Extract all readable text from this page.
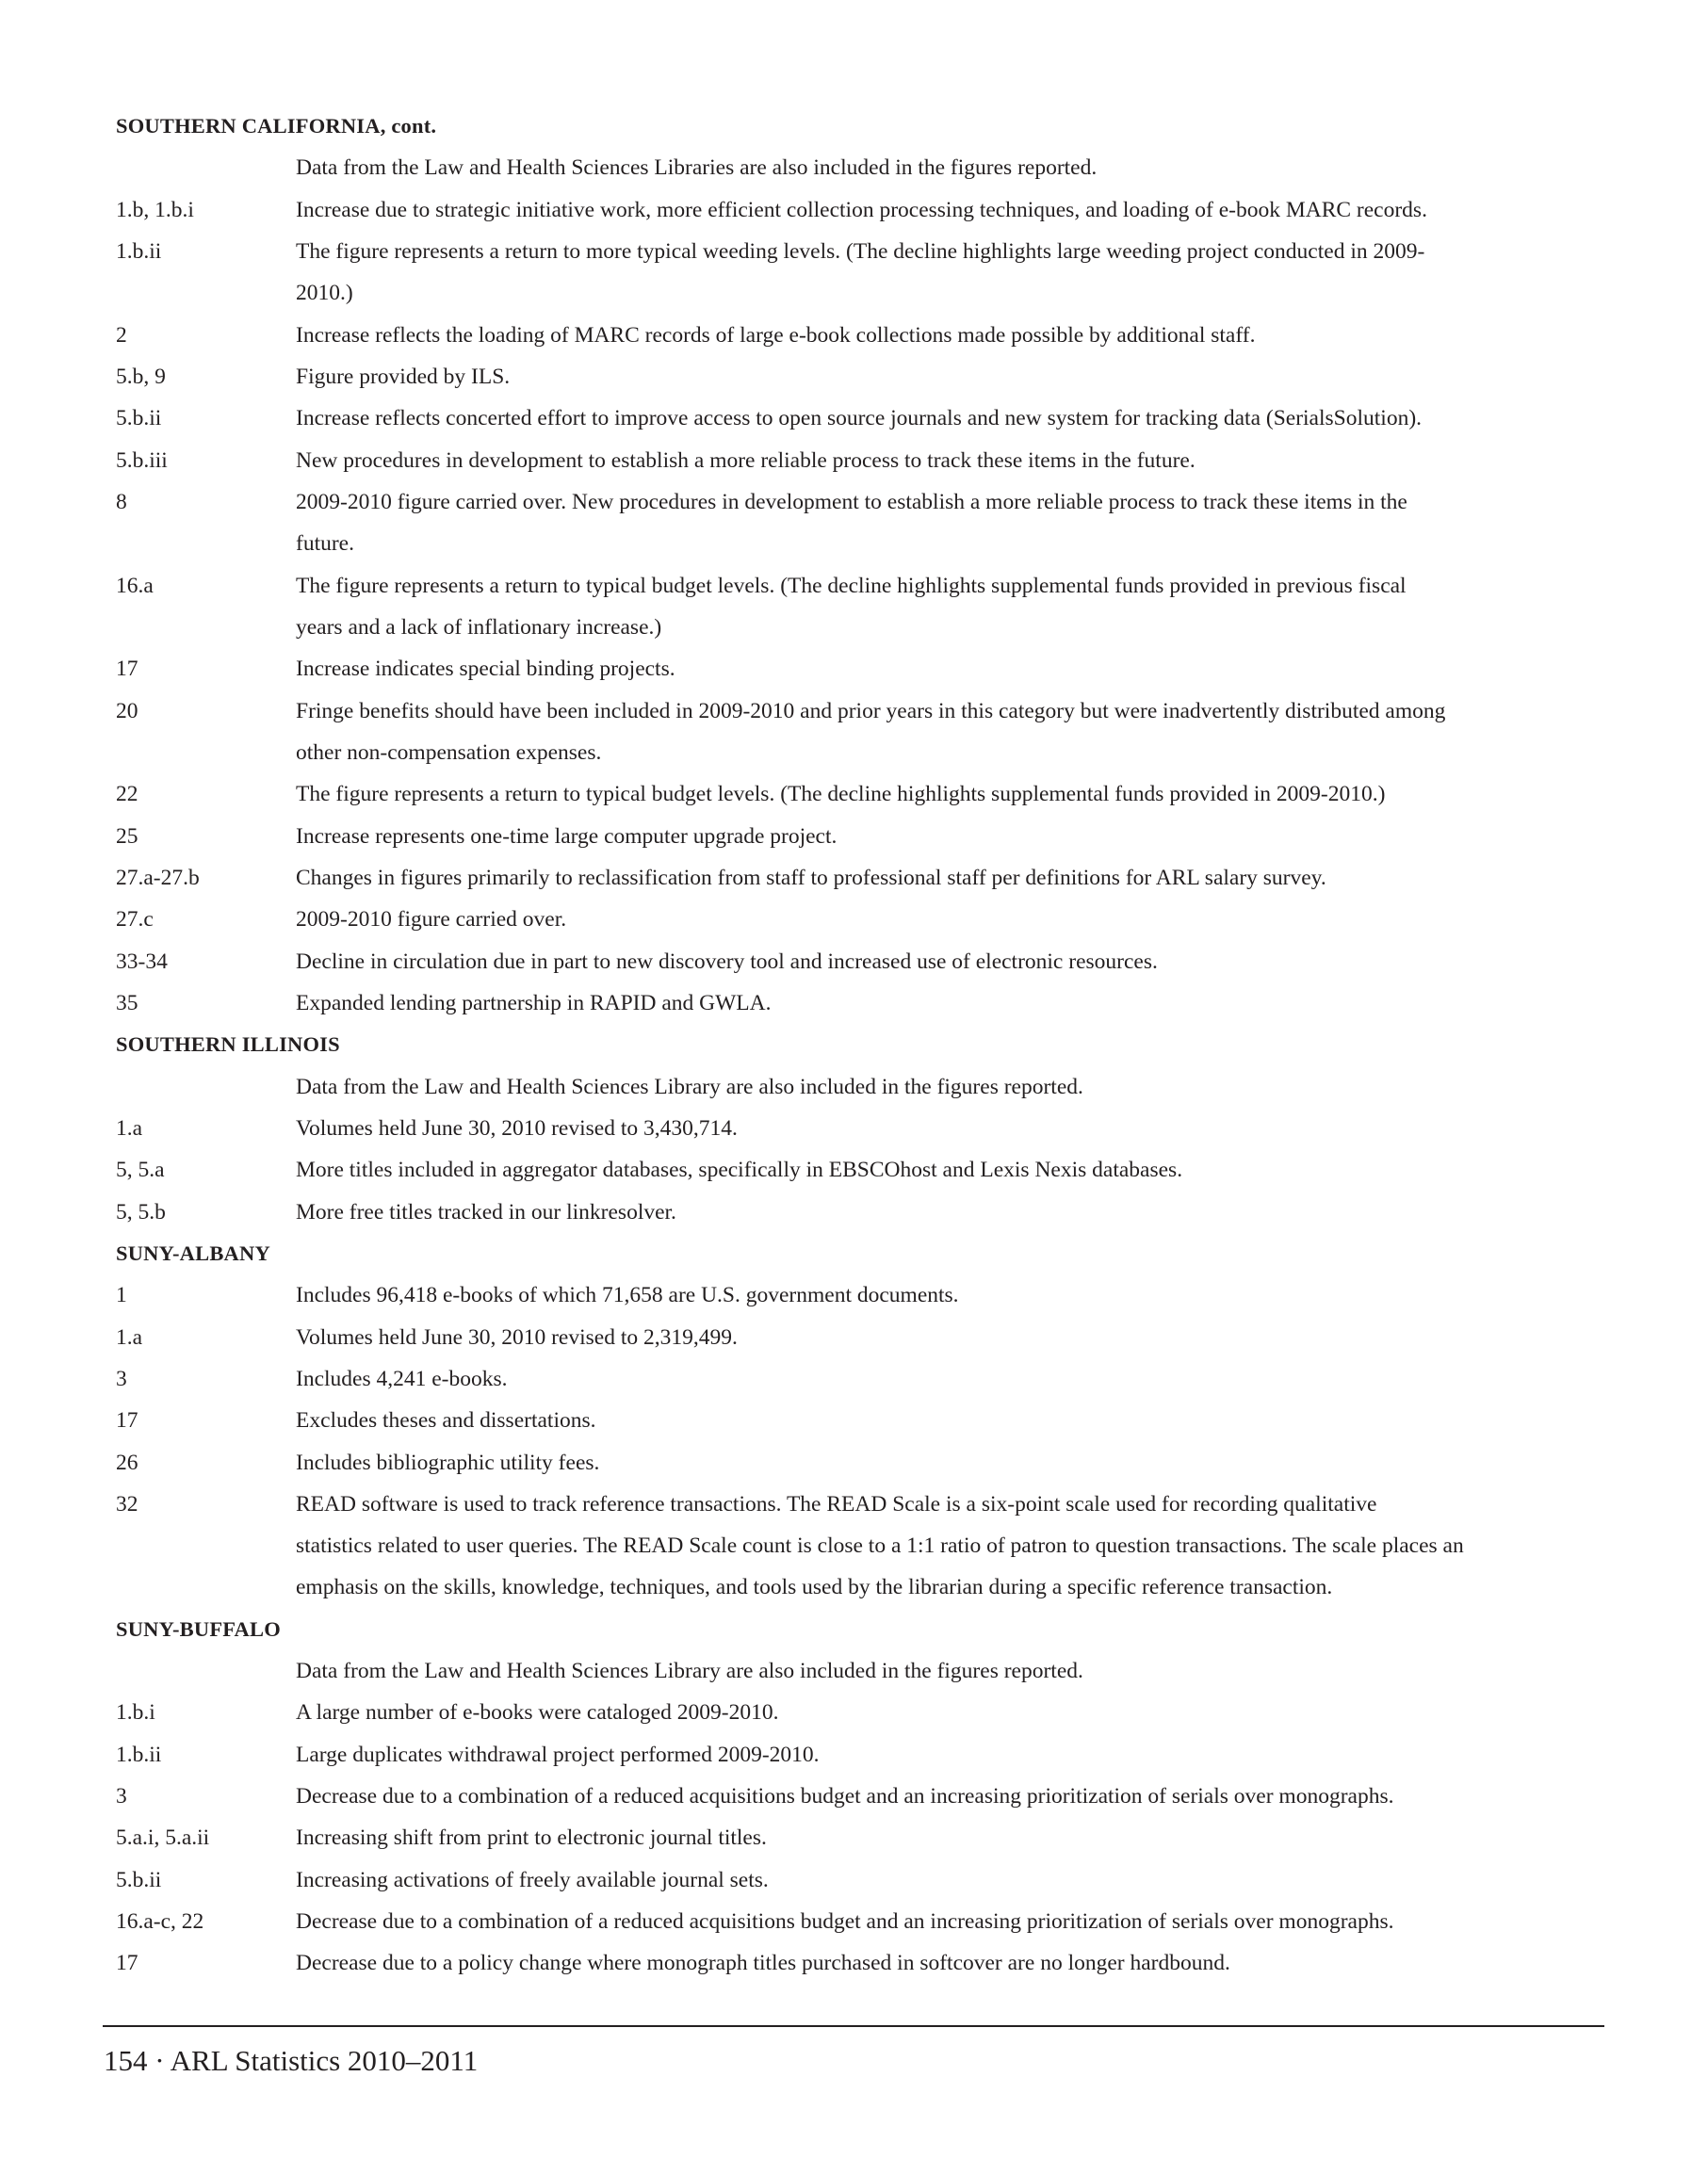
SOUTHERN CALIFORNIA, cont.
Data from the Law and Health Sciences Libraries are also included in the figures reported.
1.b, 1.b.i	Increase due to strategic initiative work, more efficient collection processing techniques, and loading of e-book MARC records.
1.b.ii	The figure represents a return to more typical weeding levels. (The decline highlights large weeding project conducted in 2009-
2010.)
2	Increase reflects the loading of MARC records of large e-book collections made possible by additional staff.
5.b, 9	Figure provided by ILS.
5.b.ii	Increase reflects concerted effort to improve access to open source journals and new system for tracking data (SerialsSolution).
5.b.iii	New procedures in development to establish a more reliable process to track these items in the future.
8	2009-2010 figure carried over. New procedures in development to establish a more reliable process to track these items in the
future.
16.a	The figure represents a return to typical budget levels. (The decline highlights supplemental funds provided in previous fiscal
years and a lack of inflationary increase.)
17	Increase indicates special binding projects.
20	Fringe benefits should have been included in 2009-2010 and prior years in this category but were inadvertently distributed among
other non-compensation expenses.
22	The figure represents a return to typical budget levels. (The decline highlights supplemental funds provided in 2009-2010.)
25	Increase represents one-time large computer upgrade project.
27.a-27.b	Changes in figures primarily to reclassification from staff to professional staff per definitions for ARL salary survey.
27.c	2009-2010 figure carried over.
33-34	Decline in circulation due in part to new discovery tool and increased use of electronic resources.
35	Expanded lending partnership in RAPID and GWLA.
SOUTHERN ILLINOIS
Data from the Law and Health Sciences Library are also included in the figures reported.
1.a	Volumes held June 30, 2010 revised to 3,430,714.
5, 5.a	More titles included in aggregator databases, specifically in EBSCOhost and Lexis Nexis databases.
5, 5.b	More free titles tracked in our linkresolver.
SUNY-ALBANY
1	Includes 96,418 e-books of which 71,658 are U.S. government documents.
1.a	Volumes held June 30, 2010 revised to 2,319,499.
3	Includes 4,241 e-books.
17	Excludes theses and dissertations.
26	Includes bibliographic utility fees.
32	READ software is used to track reference transactions. The READ Scale is a six-point scale used for recording qualitative
statistics related to user queries. The READ Scale count is close to a 1:1 ratio of patron to question transactions. The scale places an
emphasis on the skills, knowledge, techniques, and tools used by the librarian during a specific reference transaction.
SUNY-BUFFALO
Data from the Law and Health Sciences Library are also included in the figures reported.
1.b.i	A large number of e-books were cataloged 2009-2010.
1.b.ii	Large duplicates withdrawal project performed 2009-2010.
3	Decrease due to a combination of a reduced acquisitions budget and an increasing prioritization of serials over monographs.
5.a.i, 5.a.ii	Increasing shift from print to electronic journal titles.
5.b.ii	Increasing activations of freely available journal sets.
16.a-c, 22	Decrease due to a combination of a reduced acquisitions budget and an increasing prioritization of serials over monographs.
17	Decrease due to a policy change where monograph titles purchased in softcover are no longer hardbound.
154 · ARL Statistics 2010–2011
